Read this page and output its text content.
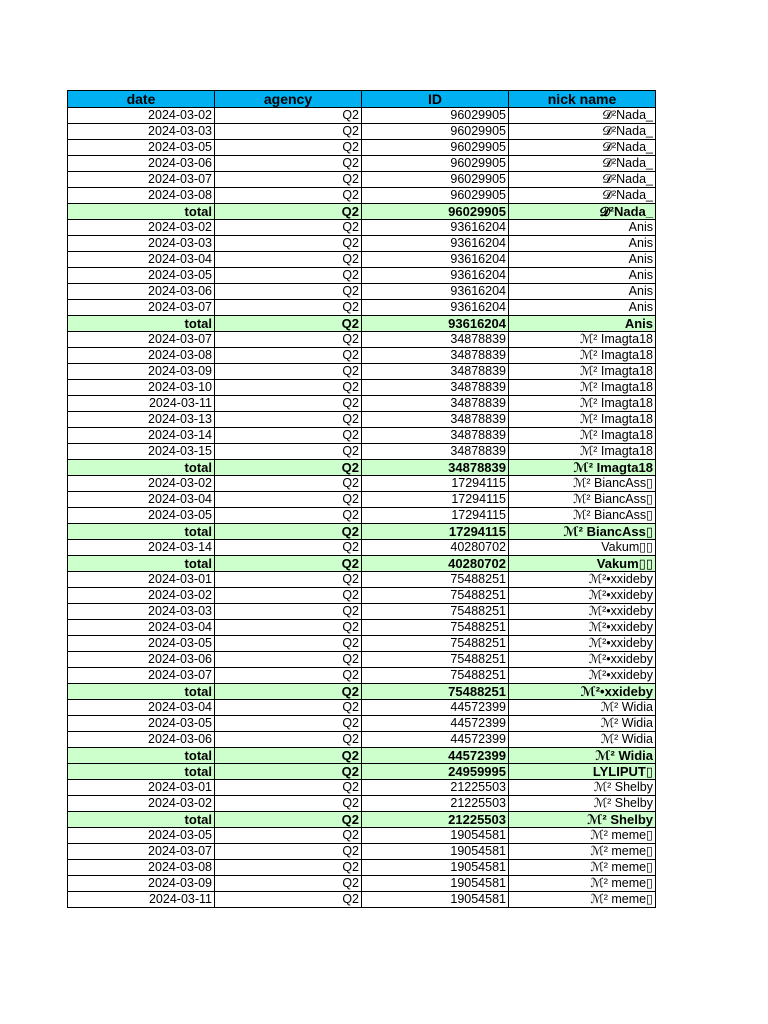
date	agency	ID	nick name
2024-03-02	Q2	96029905	𝓓²Nada_
2024-03-03	Q2	96029905	𝓓²Nada_
2024-03-05	Q2	96029905	𝓓²Nada_
2024-03-06	Q2	96029905	𝓓²Nada_
2024-03-07	Q2	96029905	𝓓²Nada_
2024-03-08	Q2	96029905	𝓓²Nada_
total	Q2	96029905	𝓓²Nada_
2024-03-02	Q2	93616204	Anis
2024-03-03	Q2	93616204	Anis
2024-03-04	Q2	93616204	Anis
2024-03-05	Q2	93616204	Anis
2024-03-06	Q2	93616204	Anis
2024-03-07	Q2	93616204	Anis
total	Q2	93616204	Anis
2024-03-07	Q2	34878839	ℳ² Imagta18
2024-03-08	Q2	34878839	ℳ² Imagta18
2024-03-09	Q2	34878839	ℳ² Imagta18
2024-03-10	Q2	34878839	ℳ² Imagta18
2024-03-11	Q2	34878839	ℳ² Imagta18
2024-03-13	Q2	34878839	ℳ² Imagta18
2024-03-14	Q2	34878839	ℳ² Imagta18
2024-03-15	Q2	34878839	ℳ² Imagta18
total	Q2	34878839	ℳ² Imagta18
2024-03-02	Q2	17294115	ℳ² BiancAss▯
2024-03-04	Q2	17294115	ℳ² BiancAss▯
2024-03-05	Q2	17294115	ℳ² BiancAss▯
total	Q2	17294115	ℳ² BiancAss▯
2024-03-14	Q2	40280702	Vakum▯▯
total	Q2	40280702	Vakum▯▯
2024-03-01	Q2	75488251	ℳ²•xxideby
2024-03-02	Q2	75488251	ℳ²•xxideby
2024-03-03	Q2	75488251	ℳ²•xxideby
2024-03-04	Q2	75488251	ℳ²•xxideby
2024-03-05	Q2	75488251	ℳ²•xxideby
2024-03-06	Q2	75488251	ℳ²•xxideby
2024-03-07	Q2	75488251	ℳ²•xxideby
total	Q2	75488251	ℳ²•xxideby
2024-03-04	Q2	44572399	ℳ² Widia
2024-03-05	Q2	44572399	ℳ² Widia
2024-03-06	Q2	44572399	ℳ² Widia
total	Q2	44572399	ℳ² Widia
total	Q2	24959995	LYLIPUT▯
2024-03-01	Q2	21225503	ℳ² Shelby
2024-03-02	Q2	21225503	ℳ² Shelby
total	Q2	21225503	ℳ² Shelby
2024-03-05	Q2	19054581	ℳ² meme▯
2024-03-07	Q2	19054581	ℳ² meme▯
2024-03-08	Q2	19054581	ℳ² meme▯
2024-03-09	Q2	19054581	ℳ² meme▯
2024-03-11	Q2	19054581	ℳ² meme▯
